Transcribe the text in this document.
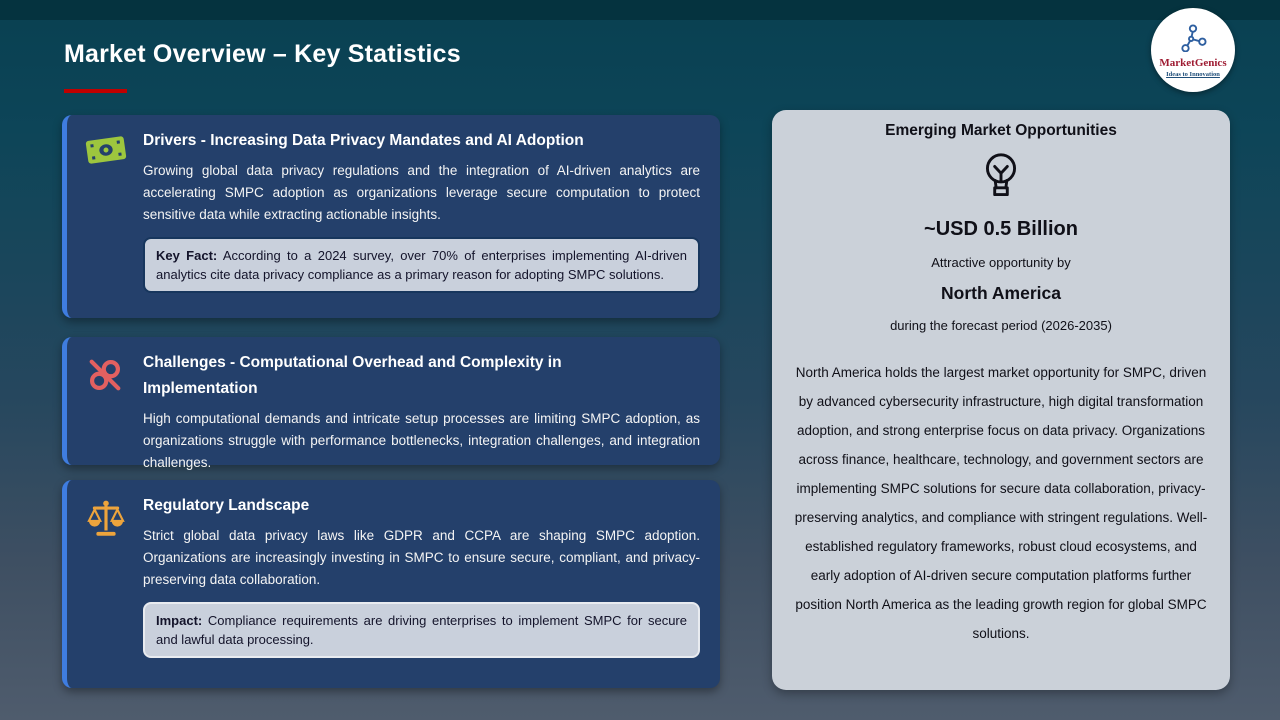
Market Overview – Key Statistics	MarketGenics
Ideas to Innovation
Drivers - Increasing Data Privacy Mandates and AI Adoption
Growing global data privacy regulations and the integration of AI-driven analytics are accelerating SMPC adoption as organizations leverage secure computation to protect sensitive data while extracting actionable insights.
Key Fact: According to a 2024 survey, over 70% of enterprises implementing AI-driven analytics cite data privacy compliance as a primary reason for adopting SMPC solutions.
Challenges - Computational Overhead and Complexity in Implementation
High computational demands and intricate setup processes are limiting SMPC adoption, as organizations struggle with performance bottlenecks, integration challenges, and integration challenges.
Regulatory Landscape
Strict global data privacy laws like GDPR and CCPA are shaping SMPC adoption. Organizations are increasingly investing in SMPC to ensure secure, compliant, and privacy-preserving data collaboration.
Impact: Compliance requirements are driving enterprises to implement SMPC for secure and lawful data processing.
Emerging Market Opportunities
~USD 0.5 Billion
Attractive opportunity by
North America
during the forecast period (2026-2035)
North America holds the largest market opportunity for SMPC, driven by advanced cybersecurity infrastructure, high digital transformation adoption, and strong enterprise focus on data privacy. Organizations across finance, healthcare, technology, and government sectors are implementing SMPC solutions for secure data collaboration, privacy-preserving analytics, and compliance with stringent regulations. Well-established regulatory frameworks, robust cloud ecosystems, and early adoption of AI-driven secure computation platforms further position North America as the leading growth region for global SMPC solutions.
